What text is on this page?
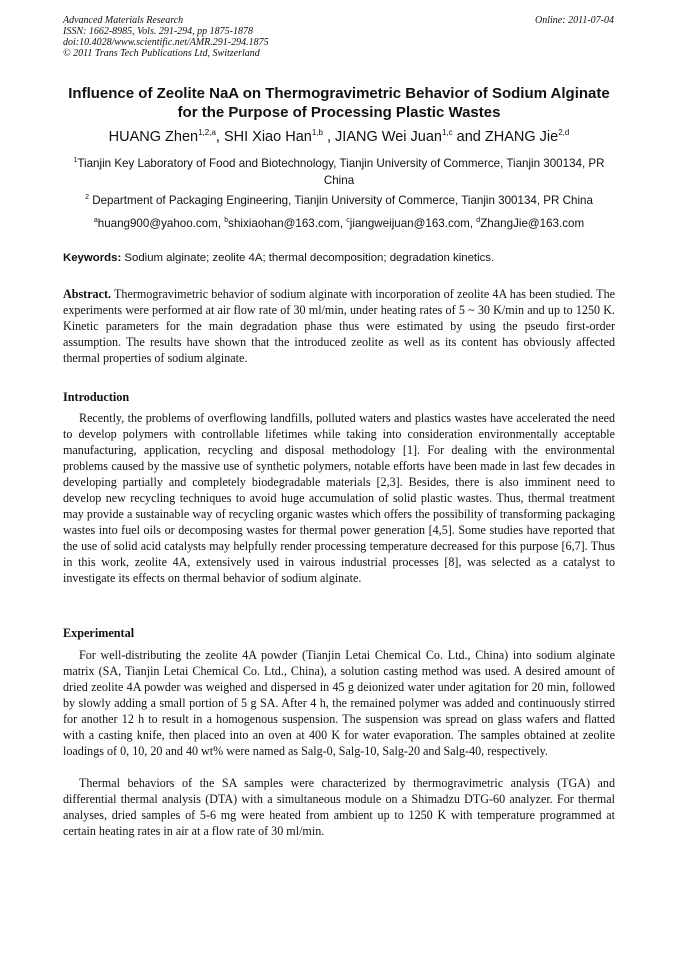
Advanced Materials Research
ISSN: 1662-8985, Vols. 291-294, pp 1875-1878
doi:10.4028/www.scientific.net/AMR.291-294.1875
© 2011 Trans Tech Publications Ltd, Switzerland
Online: 2011-07-04
Influence of Zeolite NaA on Thermogravimetric Behavior of Sodium Alginate for the Purpose of Processing Plastic Wastes
HUANG Zhen$^{1,2,a}$, SHI Xiao Han$^{1,b}$ , JIANG Wei Juan$^{1,c}$ and ZHANG Jie$^{2,d}$
$^1$Tianjin Key Laboratory of Food and Biotechnology, Tianjin University of Commerce, Tianjin 300134, PR China
$^2$ Department of Packaging Engineering, Tianjin University of Commerce, Tianjin 300134, PR China
$^a$huang900@yahoo.com, $^b$shixiaohan@163.com, $^c$jiangweijuan@163.com, $^d$ZhangJie@163.com
Keywords: Sodium alginate; zeolite 4A; thermal decomposition; degradation kinetics.
Abstract. Thermogravimetric behavior of sodium alginate with incorporation of zeolite 4A has been studied. The experiments were performed at air flow rate of 30 ml/min, under heating rates of 5 ~ 30 K/min and up to 1250 K. Kinetic parameters for the main degradation phase thus were estimated by using the pseudo first-order assumption. The results have shown that the introduced zeolite as well as its content has obviously affected thermal properties of sodium alginate.
Introduction
Recently, the problems of overflowing landfills, polluted waters and plastics wastes have accelerated the need to develop polymers with controllable lifetimes while taking into consideration environmentally acceptable manufacturing, application, recycling and disposal methodology [1]. For dealing with the environmental problems caused by the massive use of synthetic polymers, notable efforts have been made in last few decades in developing partially and completely biodegradable materials [2,3]. Besides, there is also imminent need to develop new recycling techniques to avoid huge accumulation of solid plastic wastes. Thus, thermal treatment may provide a sustainable way of recycling organic wastes which offers the possibility of transforming packaging wastes into fuel oils or decomposing wastes for thermal power generation [4,5]. Some studies have reported that the use of solid acid catalysts may helpfully render processing temperature decreased for this purpose [6,7]. Thus in this work, zeolite 4A, extensively used in vairous industrial processes [8], was selected as a catalyst to investigate its effects on thermal behavior of sodium alginate.
Experimental
For well-distributing the zeolite 4A powder (Tianjin Letai Chemical Co. Ltd., China) into sodium alginate matrix (SA, Tianjin Letai Chemical Co. Ltd., China), a solution casting method was used. A desired amount of dried zeolite 4A powder was weighed and dispersed in 45 g deionized water under agitation for 20 min, followed by slowly adding a small portion of 5 g SA. After 4 h, the remained polymer was added and continuously stirred for another 12 h to result in a homogenous suspension. The suspension was spread on glass wafers and flatted with a casting knife, then placed into an oven at 400 K for water evaporation. The samples obtained at zeolite loadings of 0, 10, 20 and 40 wt% were named as Salg-0, Salg-10, Salg-20 and Salg-40, respectively.
Thermal behaviors of the SA samples were characterized by thermogravimetric analysis (TGA) and differential thermal analysis (DTA) with a simultaneous module on a Shimadzu DTG-60 analyzer. For thermal analyses, dried samples of 5-6 mg were heated from ambient up to 1250 K with temperature programmed at certain heating rates in air at a flow rate of 30 ml/min.
